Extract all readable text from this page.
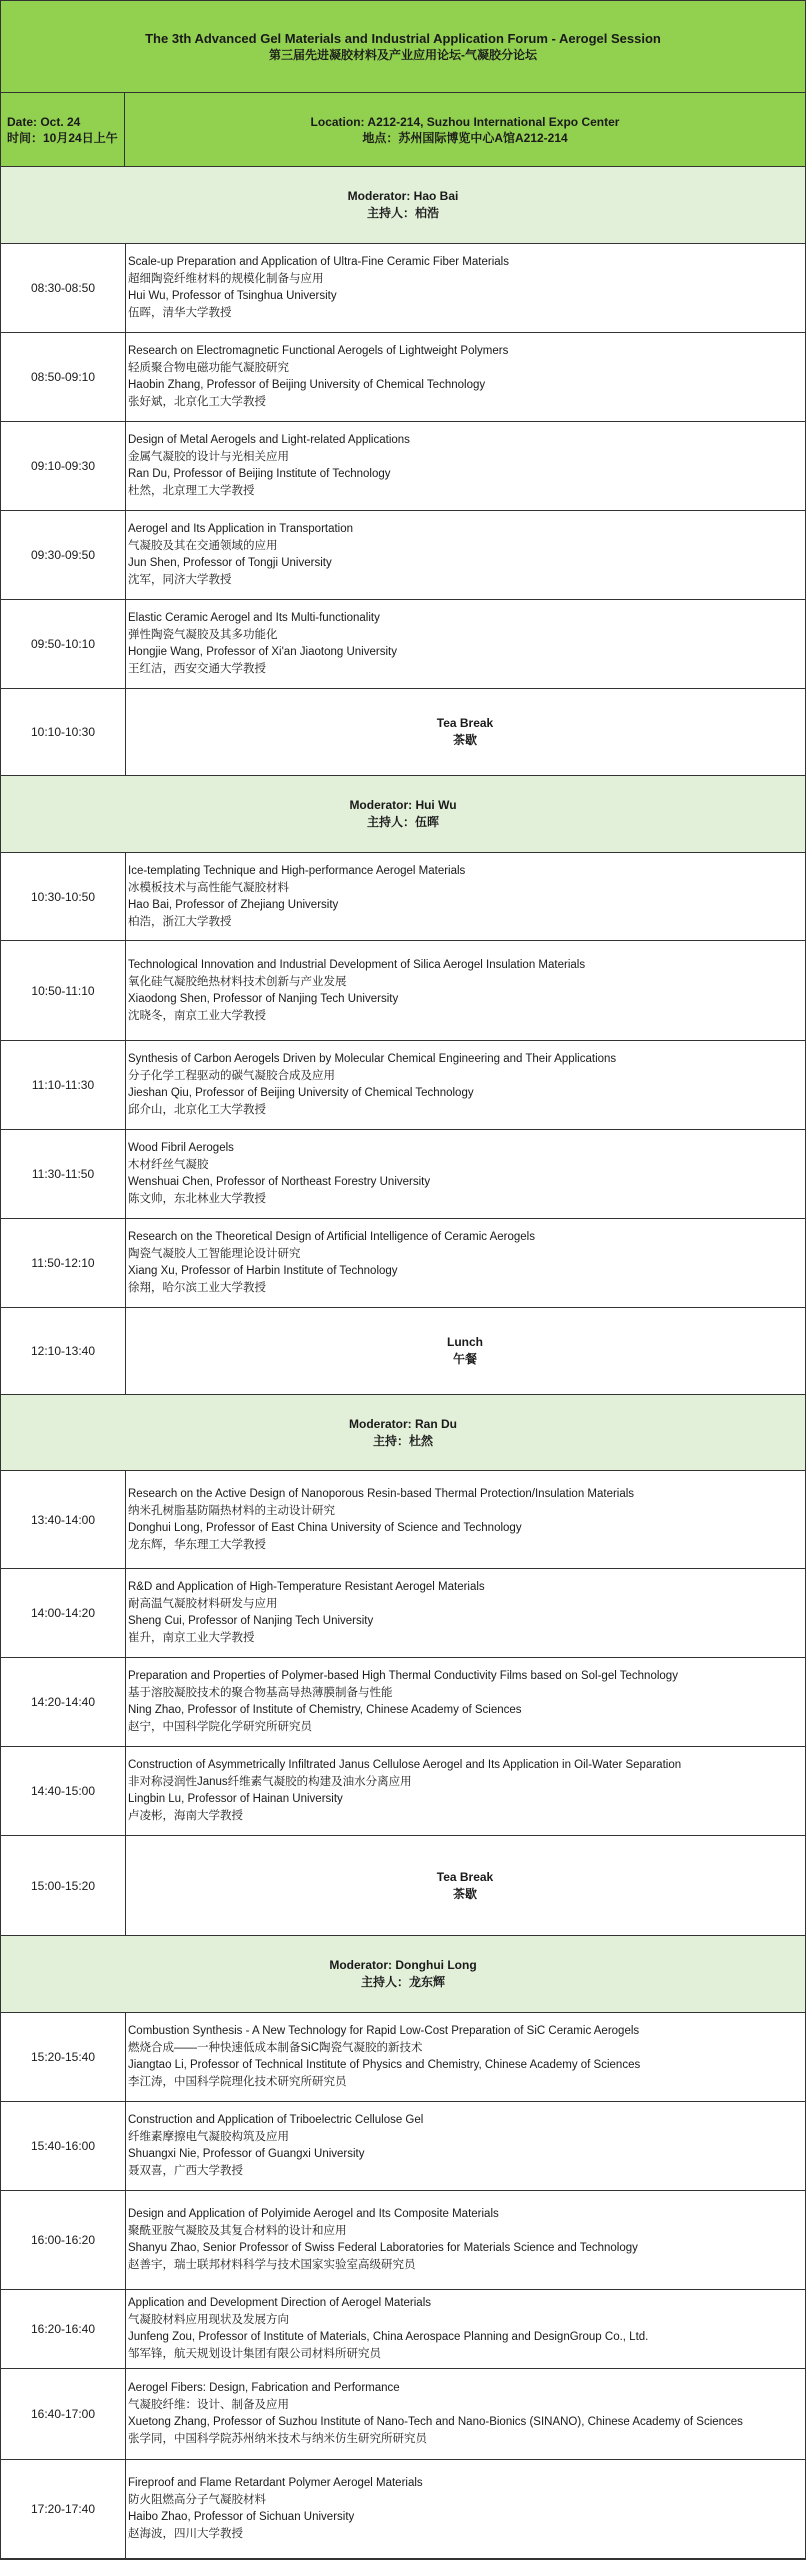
The 3th Advanced Gel Materials and Industrial Application Forum - Aerogel Session
第三届先进凝胶材料及产业应用论坛-气凝胶分论坛
Date: Oct. 24
时间：10月24日上午
Location: A212-214, Suzhou International Expo Center
地点：苏州国际博览中心A馆A212-214
Moderator: Hao Bai
主持人：柏浩
08:30-08:50
Scale-up Preparation and Application of Ultra-Fine Ceramic Fiber Materials
超细陶瓷纤维材料的规模化制备与应用
Hui Wu, Professor of Tsinghua University
伍晖，清华大学教授
08:50-09:10
Research on Electromagnetic Functional Aerogels of Lightweight Polymers
轻质聚合物电磁功能气凝胶研究
Haobin Zhang, Professor of Beijing University of Chemical Technology
张好斌，北京化工大学教授
09:10-09:30
Design of Metal Aerogels and Light-related Applications
金属气凝胶的设计与光相关应用
Ran Du, Professor of Beijing Institute of Technology
杜然，北京理工大学教授
09:30-09:50
Aerogel and Its Application in Transportation
气凝胶及其在交通领域的应用
Jun Shen, Professor of Tongji University
沈军，同济大学教授
09:50-10:10
Elastic Ceramic Aerogel and Its Multi-functionality
弹性陶瓷气凝胶及其多功能化
Hongjie Wang, Professor of Xi'an Jiaotong University
王红洁，西安交通大学教授
10:10-10:30
Tea Break
茶歇
Moderator: Hui Wu
主持人：伍晖
10:30-10:50
Ice-templating Technique and High-performance Aerogel Materials
冰模板技术与高性能气凝胶材料
Hao Bai, Professor of Zhejiang University
柏浩，浙江大学教授
10:50-11:10
Technological Innovation and Industrial Development of Silica Aerogel Insulation Materials
氧化硅气凝胶绝热材料技术创新与产业发展
Xiaodong Shen, Professor of Nanjing Tech University
沈晓冬，南京工业大学教授
11:10-11:30
Synthesis of Carbon Aerogels Driven by Molecular Chemical Engineering and Their Applications
分子化学工程驱动的碳气凝胶合成及应用
Jieshan Qiu, Professor of Beijing University of Chemical Technology
邱介山，北京化工大学教授
11:30-11:50
Wood Fibril Aerogels
木材纤丝气凝胶
Wenshuai Chen, Professor of Northeast Forestry University
陈文帅，东北林业大学教授
11:50-12:10
Research on the Theoretical Design of Artificial Intelligence of Ceramic Aerogels
陶瓷气凝胶人工智能理论设计研究
Xiang Xu, Professor of Harbin Institute of Technology
徐翔，哈尔滨工业大学教授
12:10-13:40
Lunch
午餐
Moderator: Ran Du
主持：杜然
13:40-14:00
Research on the Active Design of Nanoporous Resin-based Thermal Protection/Insulation Materials
纳米孔树脂基防隔热材料的主动设计研究
Donghui Long, Professor of East China University of Science and Technology
龙东辉，华东理工大学教授
14:00-14:20
R&D and Application of High-Temperature Resistant Aerogel Materials
耐高温气凝胶材料研发与应用
Sheng Cui, Professor of Nanjing Tech University
崔升，南京工业大学教授
14:20-14:40
Preparation and Properties of Polymer-based High Thermal Conductivity Films based on Sol-gel Technology
基于溶胶凝胶技术的聚合物基高导热薄膜制备与性能
Ning Zhao, Professor of Institute of Chemistry, Chinese Academy of Sciences
赵宁，中国科学院化学研究所研究员
14:40-15:00
Construction of Asymmetrically Infiltrated Janus Cellulose Aerogel and Its Application in Oil-Water Separation
非对称浸润性Janus纤维素气凝胶的构建及油水分离应用
Lingbin Lu, Professor of Hainan University
卢凌彬，海南大学教授
15:00-15:20
Tea Break
茶歇
Moderator: Donghui Long
主持人：龙东辉
15:20-15:40
Combustion Synthesis - A New Technology for Rapid Low-Cost Preparation of SiC Ceramic Aerogels
燃烧合成——一种快速低成本制备SiC陶瓷气凝胶的新技术
Jiangtao Li, Professor of Technical Institute of Physics and Chemistry, Chinese Academy of Sciences
李江涛，中国科学院理化技术研究所研究员
15:40-16:00
Construction and Application of Triboelectric Cellulose Gel
纤维素摩擦电气凝胶构筑及应用
Shuangxi Nie, Professor of Guangxi University
聂双喜，广西大学教授
16:00-16:20
Design and Application of Polyimide Aerogel and Its Composite Materials
聚酰亚胺气凝胶及其复合材料的设计和应用
Shanyu Zhao, Senior Professor of Swiss Federal Laboratories for Materials Science and Technology
赵善宇，瑞士联邦材料科学与技术国家实验室高级研究员
16:20-16:40
Application and Development Direction of Aerogel Materials
气凝胶材料应用现状及发展方向
Junfeng Zou, Professor of Institute of Materials, China Aerospace Planning and DesignGroup Co., Ltd.
邹军锋，航天规划设计集团有限公司材料所研究员
16:40-17:00
Aerogel Fibers: Design, Fabrication and Performance
气凝胶纤维：设计、制备及应用
Xuetong Zhang, Professor of Suzhou Institute of Nano-Tech and Nano-Bionics (SINANO), Chinese Academy of Sciences
张学同，中国科学院苏州纳米技术与纳米仿生研究所研究员
17:20-17:40
Fireproof and Flame Retardant Polymer Aerogel Materials
防火阻燃高分子气凝胶材料
Haibo Zhao, Professor of Sichuan University
赵海波，四川大学教授
